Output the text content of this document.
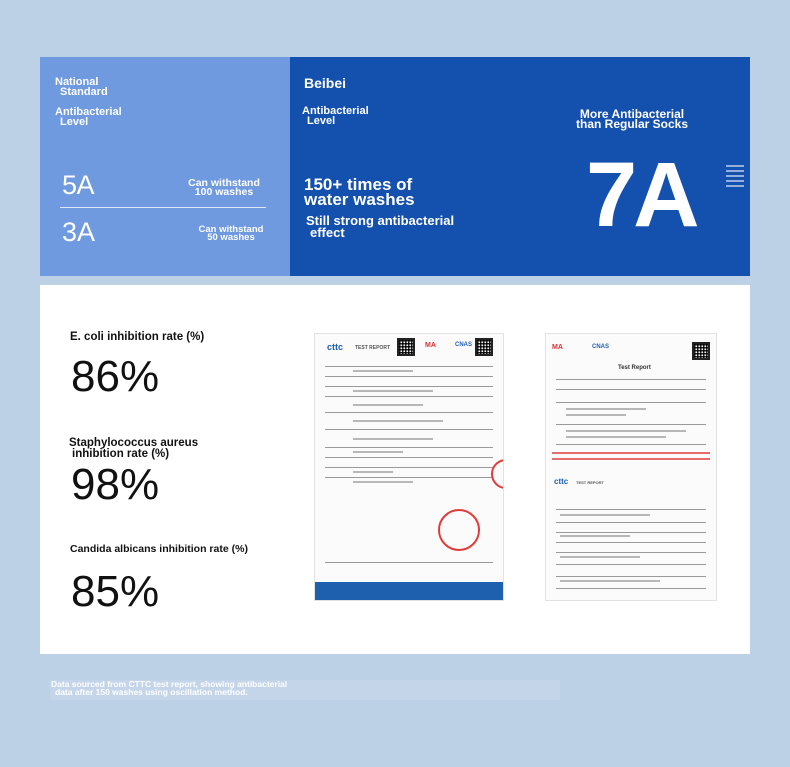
National
Standard
Antibacterial
Level
5A	Can withstand
100 washes
3A	Can withstand
50 washes
Beibei
Antibacterial
Level
150+ times of
water washes
Still strong antibacterial
effect
More Antibacterial
than Regular Socks
7A
E. coli inhibition rate (%)
86%
Staphylococcus aureus
inhibition rate (%)
98%
Candida albicans inhibition rate (%)
85%
cttc TEST REPORT	MA	CNAS	MA	CNAS
Test Report
cttc TEST REPORT
Data sourced from CTTC test report, showing antibacterial

data after 150 washes using oscillation method.
